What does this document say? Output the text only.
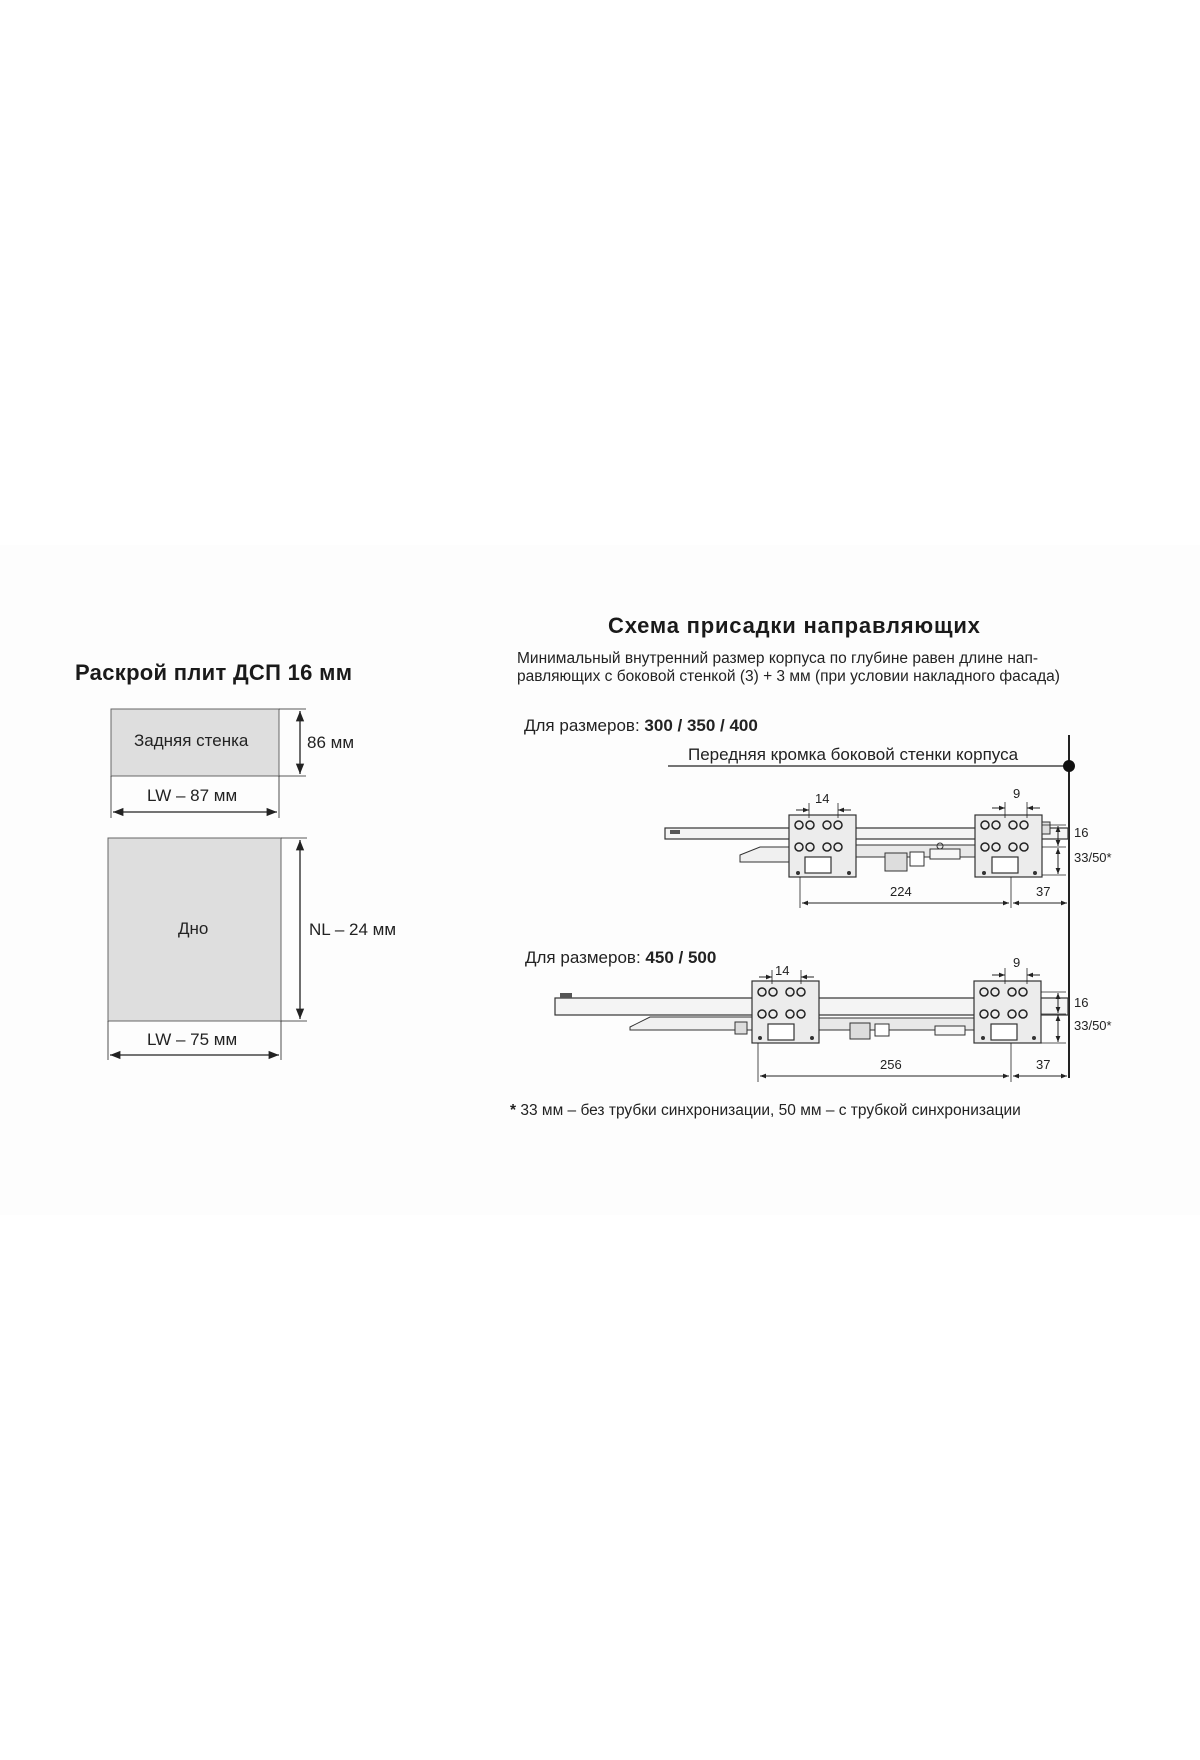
Раскрой плит ДСП 16 мм
Задняя стенка	86 мм
LW – 87 мм
Дно	NL – 24 мм
LW – 75 мм
Схема присадки направляющих
Минимальный внутренний размер корпуса по глубине равен длине нап-
равляющих с боковой стенкой (3) + 3 мм (при условии накладного фасада)
Для размеров: 300 / 350 / 400
Передняя кромка боковой стенки корпуса
14	9
16
33/50*
224	37
Для размеров: 450 / 500
14
9
16
33/50*
256	37
* 33 мм – без трубки синхронизации, 50 мм – с трубкой синхронизации
